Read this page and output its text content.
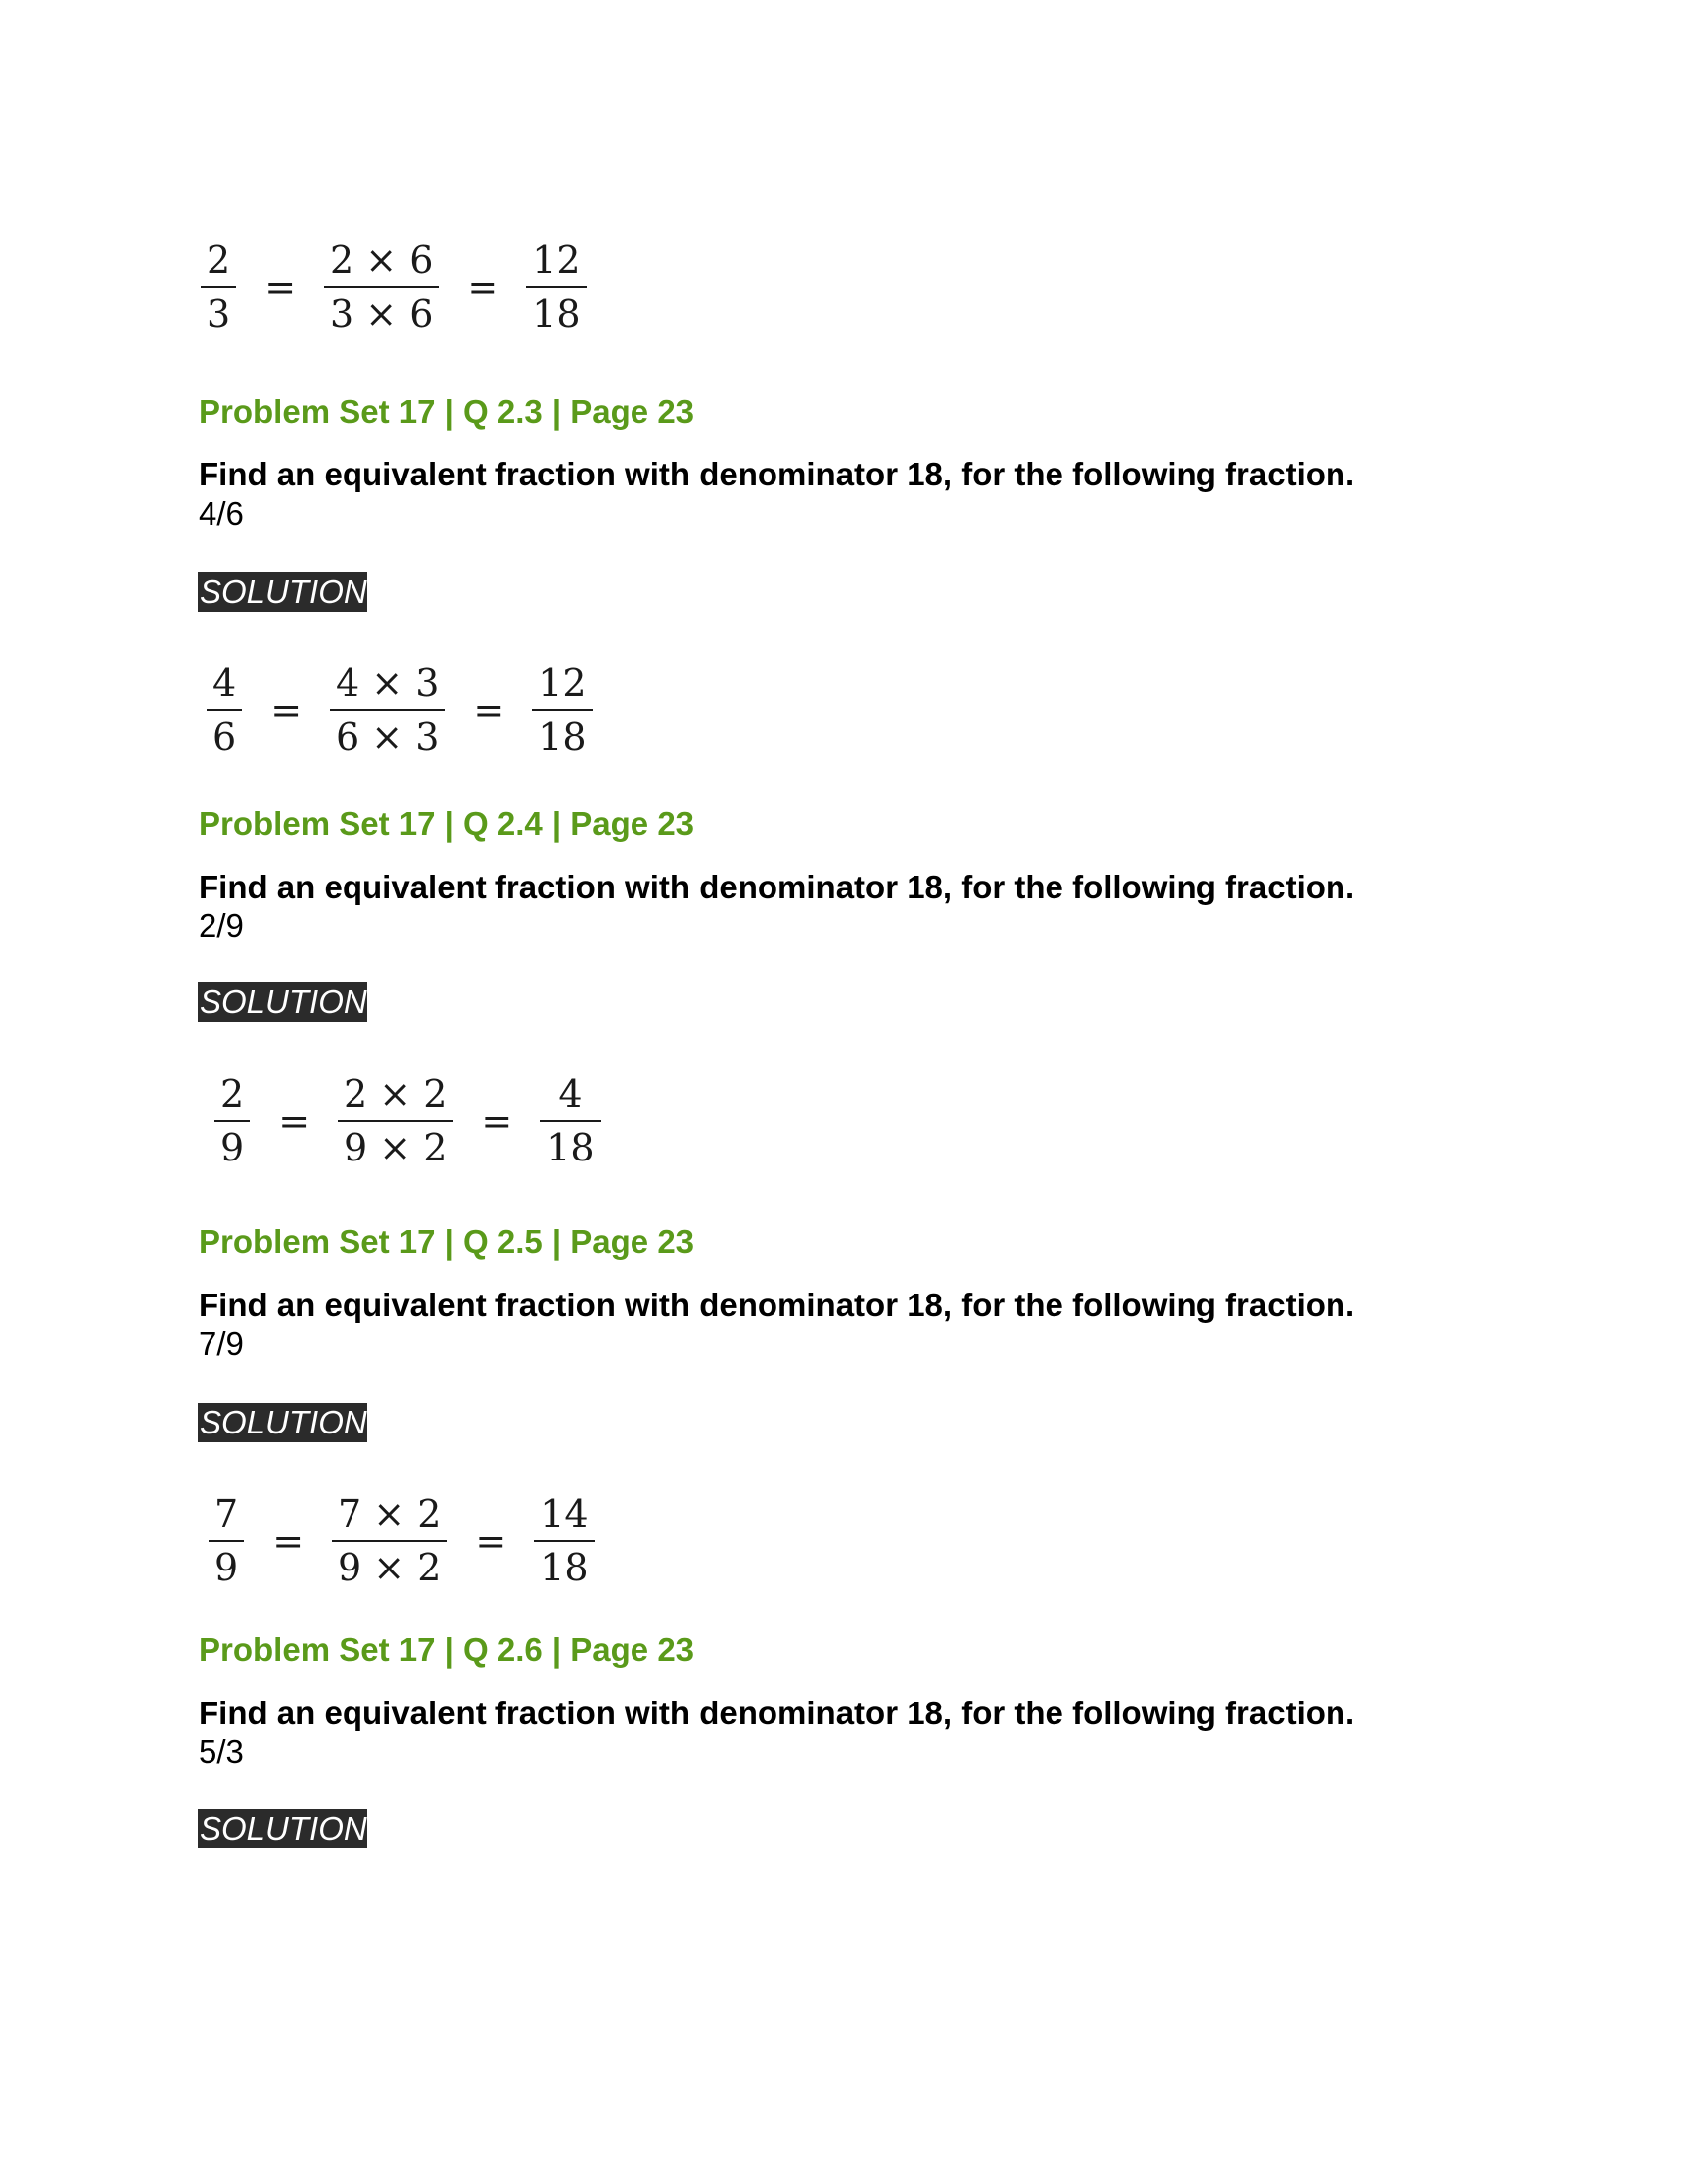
$\frac{2}{3} = \frac{2 \times 6}{3 \times 6} = \frac{12}{18}$
Problem Set 17 | Q 2.3 | Page 23
Find an equivalent fraction with denominator 18, for the following fraction.
4/6
SOLUTION
$\frac{4}{6} = \frac{4 \times 3}{6 \times 3} = \frac{12}{18}$
Problem Set 17 | Q 2.4 | Page 23
Find an equivalent fraction with denominator 18, for the following fraction.
2/9
SOLUTION
$\frac{2}{9} = \frac{2 \times 2}{9 \times 2} = \frac{4}{18}$
Problem Set 17 | Q 2.5 | Page 23
Find an equivalent fraction with denominator 18, for the following fraction.
7/9
SOLUTION
$\frac{7}{9} = \frac{7 \times 2}{9 \times 2} = \frac{14}{18}$
Problem Set 17 | Q 2.6 | Page 23
Find an equivalent fraction with denominator 18, for the following fraction.
5/3
SOLUTION
